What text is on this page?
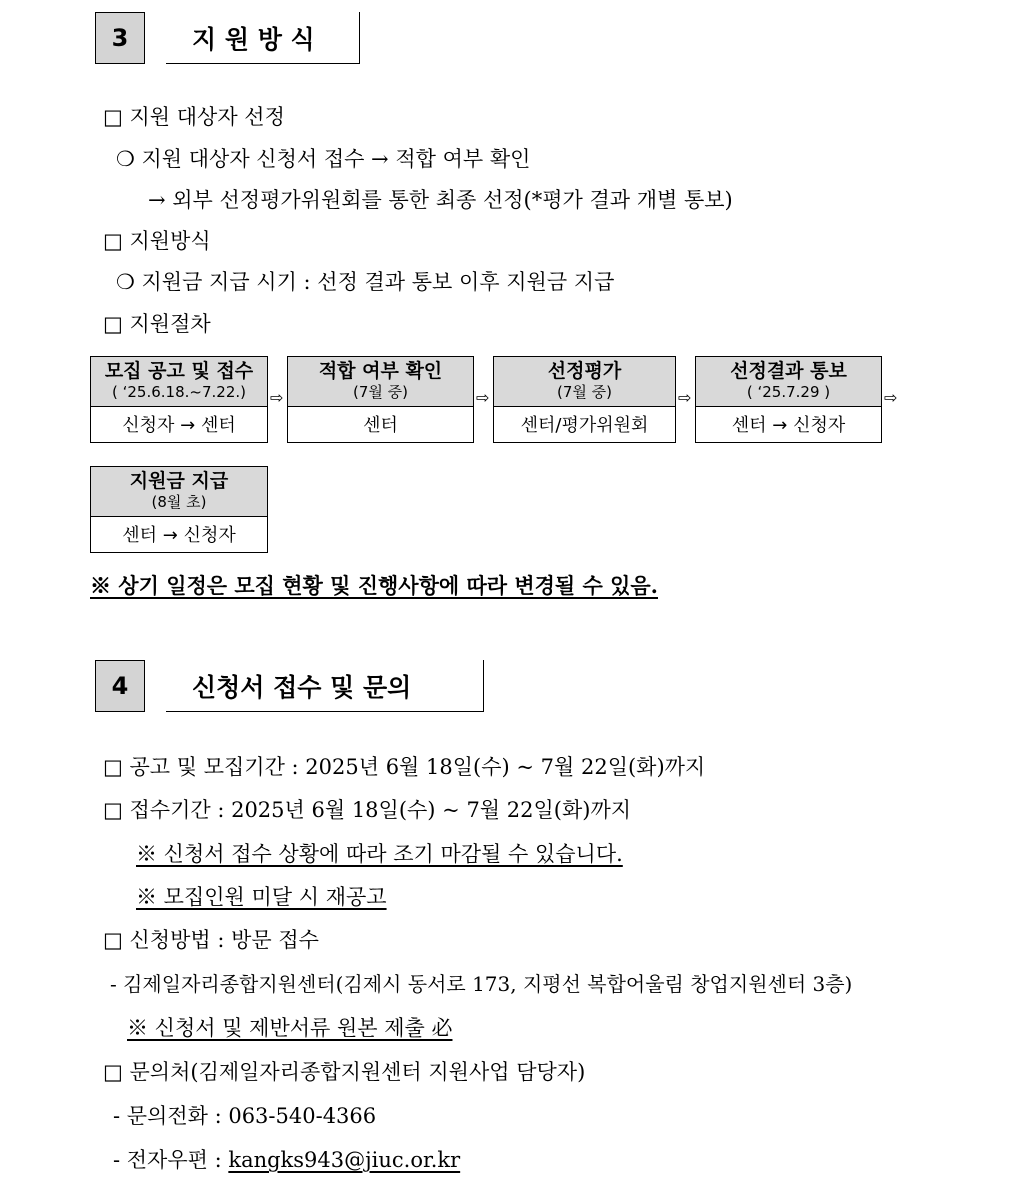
3	지 원 방 식
□ 지원 대상자 선정
❍ 지원 대상자 신청서 접수 → 적합 여부 확인
→ 외부 선정평가위원회를 통한 최종 선정(*평가 결과 개별 통보)
□ 지원방식
❍ 지원금 지급 시기 : 선정 결과 통보 이후 지원금 지급
□ 지원절차
모집 공고 및 접수
( ‘25.6.18.~7.22.)
신청자 → 센터
⇨
적합 여부 확인
(7월 중)
센터
⇨
선정평가
(7월 중)
센터/평가위원회
⇨
선정결과 통보
( ‘25.7.29 )
센터 → 신청자
⇨
지원금 지급
(8월 초)
센터 → 신청자
※ 상기 일정은 모집 현황 및 진행사항에 따라 변경될 수 있음.
4	신청서 접수 및 문의
□ 공고 및 모집기간 : 2025년 6월 18일(수) ~ 7월 22일(화)까지
□ 접수기간 : 2025년 6월 18일(수) ~ 7월 22일(화)까지
※ 신청서 접수 상황에 따라 조기 마감될 수 있습니다.
※ 모집인원 미달 시 재공고
□ 신청방법 : 방문 접수
- 김제일자리종합지원센터(김제시 동서로 173, 지평선 복합어울림 창업지원센터 3층)
※ 신청서 및 제반서류 원본 제출 必
□ 문의처(김제일자리종합지원센터 지원사업 담당자)
- 문의전화 : 063-540-4366
- 전자우편 : kangks943@jiuc.or.kr
